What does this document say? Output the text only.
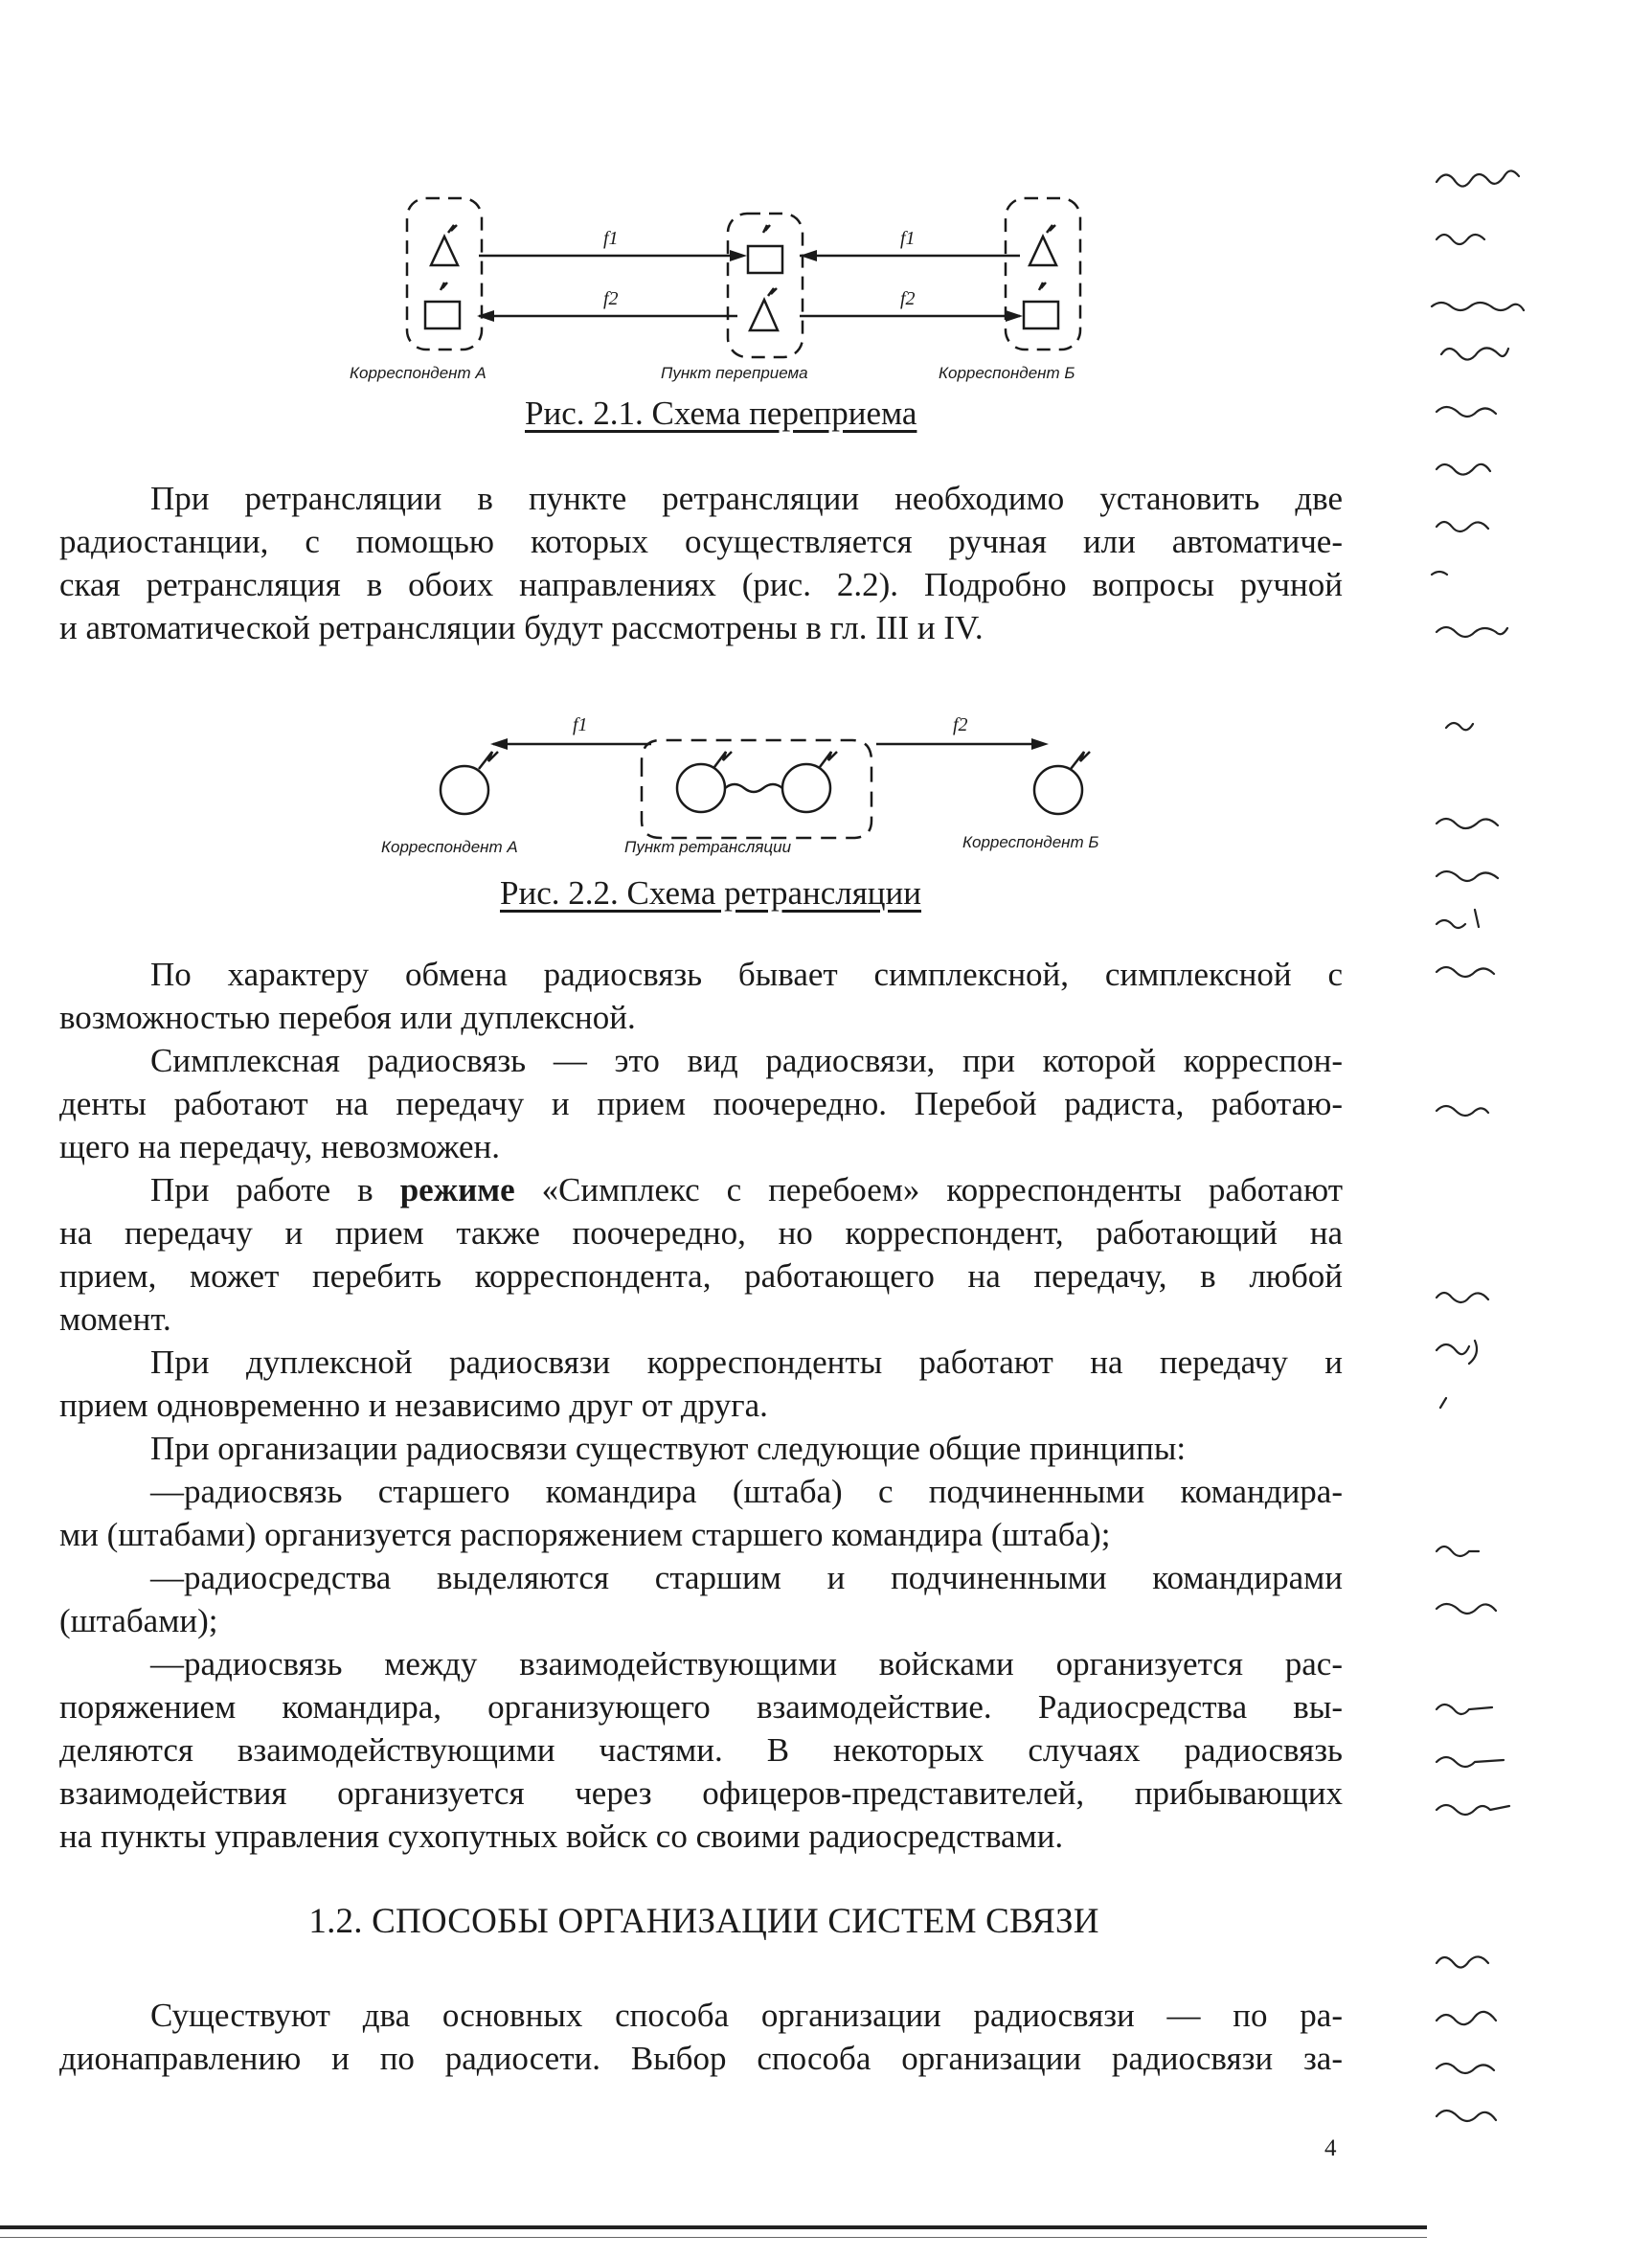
f1	f1
f2	f2
Корреспондент А	Пункт переприема	Корреспондент Б
Рис. 2.1. Схема переприема
При ретрансляции в пункте ретрансляции необходимо установить две
радиостанции, с помощью которых осуществляется ручная или автоматиче-
ская ретрансляция в обоих направлениях (рис. 2.2). Подробно вопросы ручной
и автоматической ретрансляции будут рассмотрены в гл. III и IV.
f1	f2
Корреспондент А	Пункт ретрансляции	Корреспондент Б
Рис. 2.2. Схема ретрансляции
По характеру обмена радиосвязь бывает симплексной, симплексной с
возможностью перебоя или дуплексной.
Симплексная радиосвязь — это вид радиосвязи, при которой корреспон-
денты работают на передачу и прием поочередно. Перебой радиста, работаю-
щего на передачу, невозможен.
При работе в режиме «Симплекс с перебоем» корреспонденты работают
на передачу и прием также поочередно, но корреспондент, работающий на
прием, может перебить корреспондента, работающего на передачу, в любой
момент.
При дуплексной радиосвязи корреспонденты работают на передачу и
прием одновременно и независимо друг от друга.
При организации радиосвязи существуют следующие общие принципы:
—радиосвязь старшего командира (штаба) с подчиненными командира-
ми (штабами) организуется распоряжением старшего командира (штаба);
—радиосредства выделяются старшим и подчиненными командирами
(штабами);
—радиосвязь между взаимодействующими войсками организуется рас-
поряжением командира, организующего взаимодействие. Радиосредства вы-
деляются взаимодействующими частями. В некоторых случаях радиосвязь
взаимодействия организуется через офицеров-представителей, прибывающих
на пункты управления сухопутных войск со своими радиосредствами.
1.2. СПОСОБЫ ОРГАНИЗАЦИИ СИСТЕМ СВЯЗИ
Существуют два основных способа организации радиосвязи — по ра-
дионаправлению и по радиосети. Выбор способа организации радиосвязи за-
4
